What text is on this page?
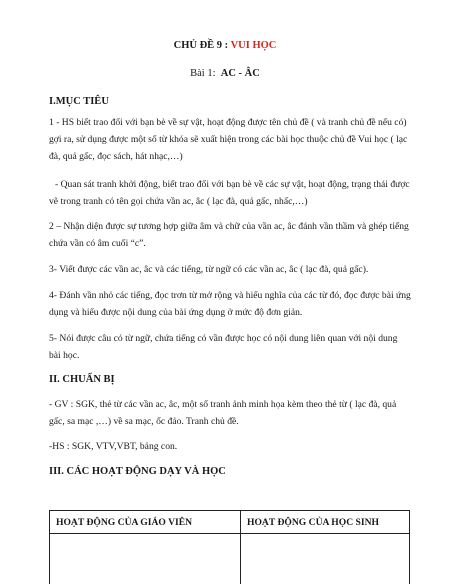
CHỦ ĐỀ 9 : VUI HỌC
Bài 1: AC - ÂC
I.MỤC TIÊU
1 - HS biết trao đổi với bạn bè về sự vật, hoạt động được tên chủ đề ( và tranh chủ đề nếu có) gợi ra, sử dụng được một số từ khóa sẽ xuất hiện trong các bài học thuộc chủ đề Vui học ( lạc đà, quả gấc, đọc sách, hát nhạc,…)
- Quan sát tranh khởi động, biết trao đổi với bạn bè về các sự vật, hoạt động, trạng thái được vẽ trong tranh có tên gọi chứa vần ac, âc ( lạc đà, quả gấc, nhấc,…)
2 – Nhận diện được sự tương hợp giữa âm và chữ của vần ac, âc đánh vần thầm và ghép tiếng chứa vần có âm cuối “c”.
3- Viết được các vần ac, âc và các tiếng, từ ngữ có các vần ac, âc ( lạc đà, quả gấc).
4- Đánh vần nhỏ các tiếng, đọc trơn từ mở rộng và hiểu nghĩa của các từ đó, đọc được bài ứng dụng và hiểu được nội dung của bài ứng dụng ở mức độ đơn giản.
5- Nói được câu có từ ngữ, chứa tiếng có vần được học có nội dung liên quan với nội dung bài học.
II. CHUẨN BỊ
- GV : SGK, thẻ từ các vần ac, âc, một số tranh ảnh minh họa kèm theo thẻ từ ( lạc đà, quả gấc, sa mạc ,…) về sa mạc, ốc đảo. Tranh chủ đề.
-HS : SGK, VTV,VBT, bảng con.
III. CÁC HOẠT ĐỘNG DẠY VÀ HỌC
HOẠT ĐỘNG CỦA GIÁO VIÊN	HOẠT ĐỘNG CỦA HỌC SINH
